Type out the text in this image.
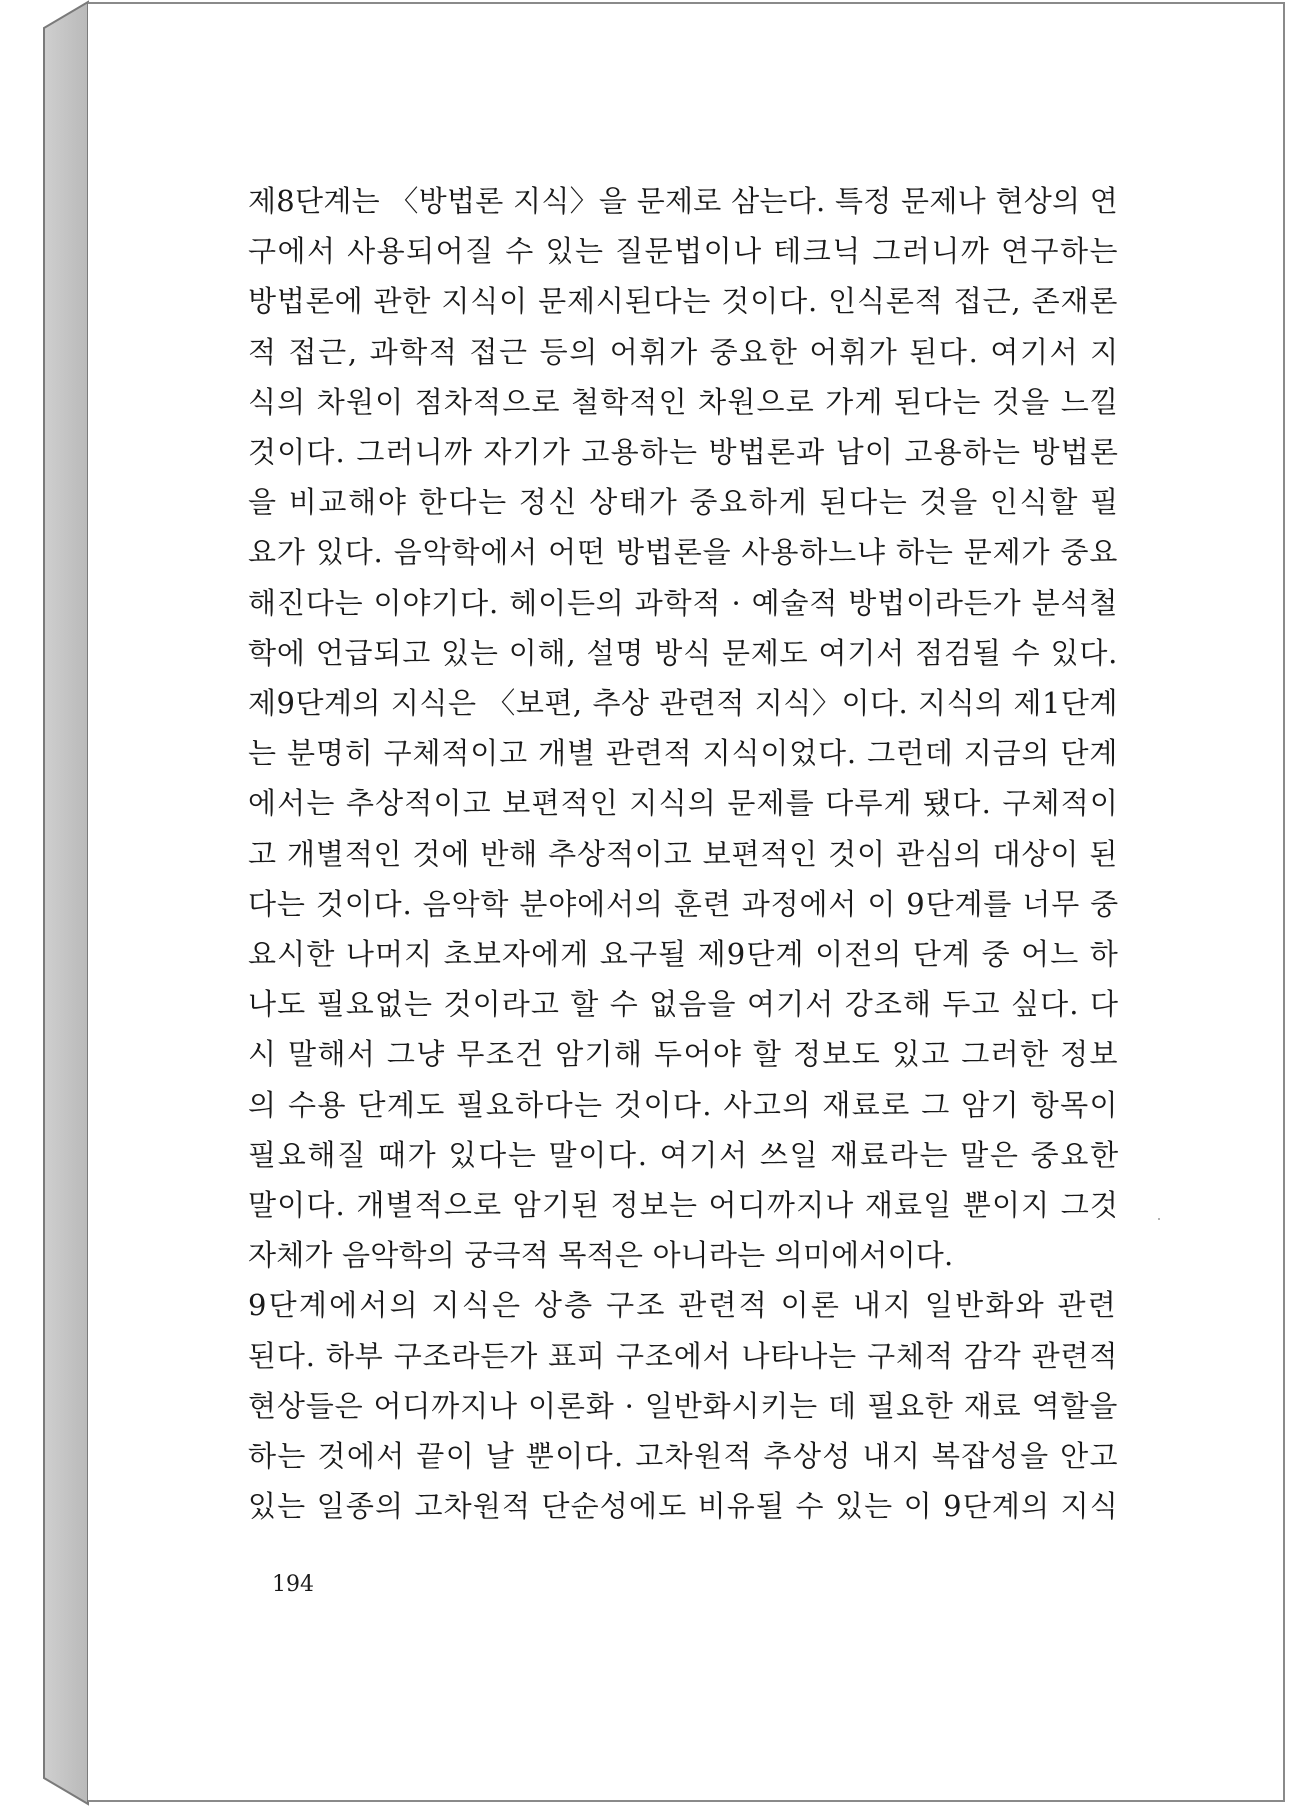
제8단계는 〈방법론 지식〉을 문제로 삼는다. 특정 문제나 현상의 연
구에서 사용되어질 수 있는 질문법이나 테크닉 그러니까 연구하는
방법론에 관한 지식이 문제시된다는 것이다. 인식론적 접근, 존재론
적 접근, 과학적 접근 등의 어휘가 중요한 어휘가 된다. 여기서 지
식의 차원이 점차적으로 철학적인 차원으로 가게 된다는 것을 느낄
것이다. 그러니까 자기가 고용하는 방법론과 남이 고용하는 방법론
을 비교해야 한다는 정신 상태가 중요하게 된다는 것을 인식할 필
요가 있다. 음악학에서 어떤 방법론을 사용하느냐 하는 문제가 중요
해진다는 이야기다. 헤이든의 과학적 · 예술적 방법이라든가 분석철
학에 언급되고 있는 이해, 설명 방식 문제도 여기서 점검될 수 있다.
제9단계의 지식은 〈보편, 추상 관련적 지식〉이다. 지식의 제1단계
는 분명히 구체적이고 개별 관련적 지식이었다. 그런데 지금의 단계
에서는 추상적이고 보편적인 지식의 문제를 다루게 됐다. 구체적이
고 개별적인 것에 반해 추상적이고 보편적인 것이 관심의 대상이 된
다는 것이다. 음악학 분야에서의 훈련 과정에서 이 9단계를 너무 중
요시한 나머지 초보자에게 요구될 제9단계 이전의 단계 중 어느 하
나도 필요없는 것이라고 할 수 없음을 여기서 강조해 두고 싶다. 다
시 말해서 그냥 무조건 암기해 두어야 할 정보도 있고 그러한 정보
의 수용 단계도 필요하다는 것이다. 사고의 재료로 그 암기 항목이
필요해질 때가 있다는 말이다. 여기서 쓰일 재료라는 말은 중요한
말이다. 개별적으로 암기된 정보는 어디까지나 재료일 뿐이지 그것
자체가 음악학의 궁극적 목적은 아니라는 의미에서이다.
9단계에서의 지식은 상층 구조 관련적 이론 내지 일반화와 관련
된다. 하부 구조라든가 표피 구조에서 나타나는 구체적 감각 관련적
현상들은 어디까지나 이론화 · 일반화시키는 데 필요한 재료 역할을
하는 것에서 끝이 날 뿐이다. 고차원적 추상성 내지 복잡성을 안고
있는 일종의 고차원적 단순성에도 비유될 수 있는 이 9단계의 지식
194
